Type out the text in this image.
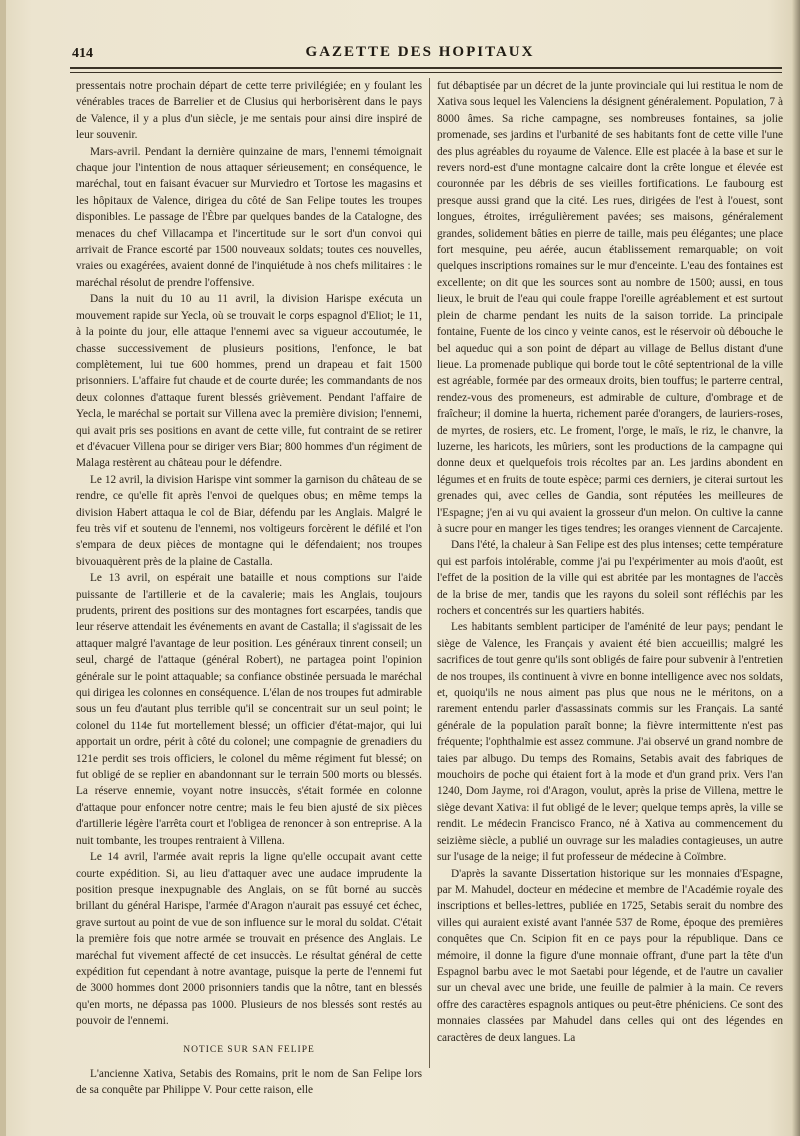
414	GAZETTE DES HOPITAUX

pressentais notre prochain départ de cette terre privilégiée; en y foulant les vénérables traces de Barrelier et de Clusius qui herborisèrent dans le pays de Valence, il y a plus d'un siècle, je me sentais pour ainsi dire inspiré de leur souvenir.

Mars-avril. Pendant la dernière quinzaine de mars, l'ennemi témoignait chaque jour l'intention de nous attaquer sérieusement; en conséquence, le maréchal, tout en faisant évacuer sur Murviedro et Tortose les magasins et les hôpitaux de Valence, dirigea du côté de San Felipe toutes les troupes disponibles. Le passage de l'Èbre par quelques bandes de la Catalogne, des menaces du chef Villacampa et l'incertitude sur le sort d'un convoi qui arrivait de France escorté par 1500 nouveaux soldats; toutes ces nouvelles, vraies ou exagérées, avaient donné de l'inquiétude à nos chefs militaires : le maréchal résolut de prendre l'offensive.

Dans la nuit du 10 au 11 avril, la division Harispe exécuta un mouvement rapide sur Yecla, où se trouvait le corps espagnol d'Eliot; le 11, à la pointe du jour, elle attaque l'ennemi avec sa vigueur accoutumée, le chasse successivement de plusieurs positions, l'enfonce, le bat complètement, lui tue 600 hommes, prend un drapeau et fait 1500 prisonniers. L'affaire fut chaude et de courte durée; les commandants de nos deux colonnes d'attaque furent blessés grièvement. Pendant l'affaire de Yecla, le maréchal se portait sur Villena avec la première division; l'ennemi, qui avait pris ses positions en avant de cette ville, fut contraint de se retirer et d'évacuer Villena pour se diriger vers Biar; 800 hommes d'un régiment de Malaga restèrent au château pour le défendre.

Le 12 avril, la division Harispe vint sommer la garnison du château de se rendre, ce qu'elle fit après l'envoi de quelques obus; en même temps la division Habert attaqua le col de Biar, défendu par les Anglais. Malgré le feu très vif et soutenu de l'ennemi, nos voltigeurs forcèrent le défilé et l'on s'empara de deux pièces de montagne qui le défendaient; nos troupes bivouaquèrent près de la plaine de Castalla.

Le 13 avril, on espérait une bataille et nous comptions sur l'aide puissante de l'artillerie et de la cavalerie; mais les Anglais, toujours prudents, prirent des positions sur des montagnes fort escarpées, tandis que leur réserve attendait les événements en avant de Castalla; il s'agissait de les attaquer malgré l'avantage de leur position. Les généraux tinrent conseil; un seul, chargé de l'attaque (général Robert), ne partagea point l'opinion générale sur le point attaquable; sa confiance obstinée persuada le maréchal qui dirigea les colonnes en conséquence. L'élan de nos troupes fut admirable sous un feu d'autant plus terrible qu'il se concentrait sur un seul point; le colonel du 114e fut mortellement blessé; un officier d'état-major, qui lui apportait un ordre, périt à côté du colonel; une compagnie de grenadiers du 121e perdit ses trois officiers, le colonel du même régiment fut blessé; on fut obligé de se replier en abandonnant sur le terrain 500 morts ou blessés. La réserve ennemie, voyant notre insuccès, s'était formée en colonne d'attaque pour enfoncer notre centre; mais le feu bien ajusté de six pièces d'artillerie légère l'arrêta court et l'obligea de renoncer à son entreprise. A la nuit tombante, les troupes rentraient à Villena.

Le 14 avril, l'armée avait repris la ligne qu'elle occupait avant cette courte expédition. Si, au lieu d'attaquer avec une audace imprudente la position presque inexpugnable des Anglais, on se fût borné au succès brillant du général Harispe, l'armée d'Aragon n'aurait pas essuyé cet échec, grave surtout au point de vue de son influence sur le moral du soldat. C'était la première fois que notre armée se trouvait en présence des Anglais. Le maréchal fut vivement affecté de cet insuccès. Le résultat général de cette expédition fut cependant à notre avantage, puisque la perte de l'ennemi fut de 3000 hommes dont 2000 prisonniers tandis que la nôtre, tant en blessés qu'en morts, ne dépassa pas 1000. Plusieurs de nos blessés sont restés au pouvoir de l'ennemi.

NOTICE SUR SAN FELIPE

L'ancienne Xativa, Setabis des Romains, prit le nom de San Felipe lors de sa conquête par Philippe V. Pour cette raison, elle

fut débaptisée par un décret de la junte provinciale qui lui restitua le nom de Xativa sous lequel les Valenciens la désignent généralement. Population, 7 à 8000 âmes. Sa riche campagne, ses nombreuses fontaines, sa jolie promenade, ses jardins et l'urbanité de ses habitants font de cette ville l'une des plus agréables du royaume de Valence. Elle est placée à la base et sur le revers nord-est d'une montagne calcaire dont la crête longue et élevée est couronnée par les débris de ses vieilles fortifications. Le faubourg est presque aussi grand que la cité. Les rues, dirigées de l'est à l'ouest, sont longues, étroites, irrégulièrement pavées; ses maisons, généralement grandes, solidement bâties en pierre de taille, mais peu élégantes; une place fort mesquine, peu aérée, aucun établissement remarquable; on voit quelques inscriptions romaines sur le mur d'enceinte. L'eau des fontaines est excellente; on dit que les sources sont au nombre de 1500; aussi, en tous lieux, le bruit de l'eau qui coule frappe l'oreille agréablement et est surtout plein de charme pendant les nuits de la saison torride. La principale fontaine, Fuente de los cinco y veinte canos, est le réservoir où débouche le bel aqueduc qui a son point de départ au village de Bellus distant d'une lieue. La promenade publique qui borde tout le côté septentrional de la ville est agréable, formée par des ormeaux droits, bien touffus; le parterre central, rendez-vous des promeneurs, est admirable de culture, d'ombrage et de fraîcheur; il domine la huerta, richement parée d'orangers, de lauriers-roses, de myrtes, de rosiers, etc. Le froment, l'orge, le maïs, le riz, le chanvre, la luzerne, les haricots, les mûriers, sont les productions de la campagne qui donne deux et quelquefois trois récoltes par an. Les jardins abondent en légumes et en fruits de toute espèce; parmi ces derniers, je citerai surtout les grenades qui, avec celles de Gandia, sont réputées les meilleures de l'Espagne; j'en ai vu qui avaient la grosseur d'un melon. On cultive la canne à sucre pour en manger les tiges tendres; les oranges viennent de Carcajente.

Dans l'été, la chaleur à San Felipe est des plus intenses; cette température qui est parfois intolérable, comme j'ai pu l'expérimenter au mois d'août, est l'effet de la position de la ville qui est abritée par les montagnes de l'accès de la brise de mer, tandis que les rayons du soleil sont réfléchis par les rochers et concentrés sur les quartiers habités.

Les habitants semblent participer de l'aménité de leur pays; pendant le siège de Valence, les Français y avaient été bien accueillis; malgré les sacrifices de tout genre qu'ils sont obligés de faire pour subvenir à l'entretien de nos troupes, ils continuent à vivre en bonne intelligence avec nos soldats, et, quoiqu'ils ne nous aiment pas plus que nous ne le méritons, on a rarement entendu parler d'assassinats commis sur les Français. La santé générale de la population paraît bonne; la fièvre intermittente n'est pas fréquente; l'ophthalmie est assez commune. J'ai observé un grand nombre de taies par albugo. Du temps des Romains, Setabis avait des fabriques de mouchoirs de poche qui étaient fort à la mode et d'un grand prix. Vers l'an 1240, Dom Jayme, roi d'Aragon, voulut, après la prise de Villena, mettre le siège devant Xativa: il fut obligé de le lever; quelque temps après, la ville se rendit. Le médecin Francisco Franco, né à Xativa au commencement du seizième siècle, a publié un ouvrage sur les maladies contagieuses, un autre sur l'usage de la neige; il fut professeur de médecine à Coïmbre.

D'après la savante Dissertation historique sur les monnaies d'Espagne, par M. Mahudel, docteur en médecine et membre de l'Académie royale des inscriptions et belles-lettres, publiée en 1725, Setabis serait du nombre des villes qui auraient existé avant l'année 537 de Rome, époque des premières conquêtes que Cn. Scipion fit en ce pays pour la république. Dans ce mémoire, il donne la figure d'une monnaie offrant, d'une part la tête d'un Espagnol barbu avec le mot Saetabi pour légende, et de l'autre un cavalier sur un cheval avec une bride, une feuille de palmier à la main. Ce revers offre des caractères espagnols antiques ou peut-être phéniciens. Ce sont des monnaies classées par Mahudel dans celles qui ont des légendes en caractères de deux langues. La
